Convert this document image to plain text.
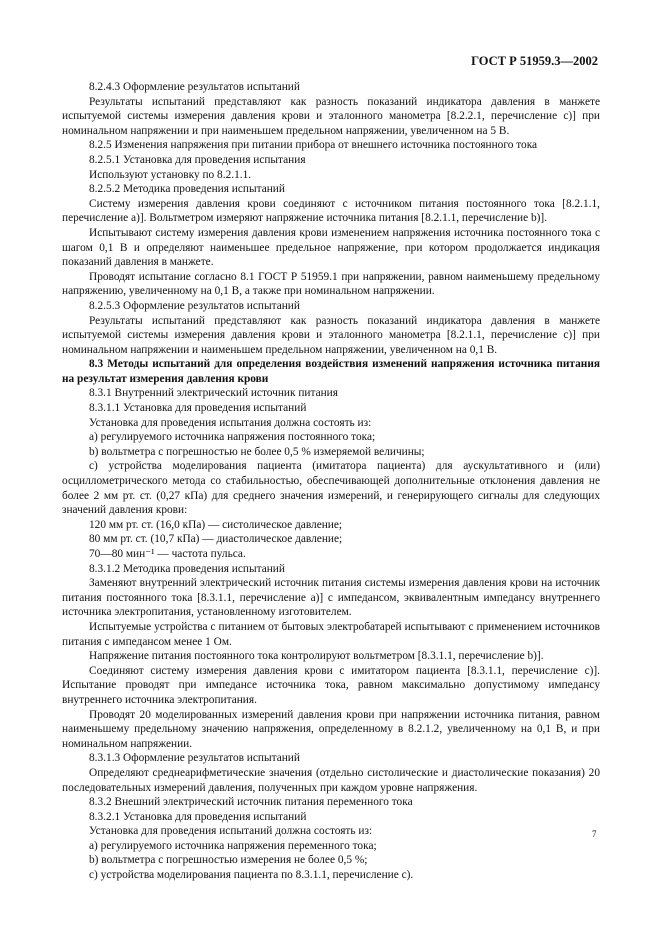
ГОСТ Р 51959.3—2002

8.2.4.3 Оформление результатов испытаний

Результаты испытаний представляют как разность показаний индикатора давления в манжете испытуемой системы измерения давления крови и эталонного манометра [8.2.2.1, перечисление с)] при номинальном напряжении и при наименьшем предельном напряжении, увеличенном на 5 В.

8.2.5 Изменения напряжения при питании прибора от внешнего источника постоянного тока

8.2.5.1 Установка для проведения испытания

Используют установку по 8.2.1.1.

8.2.5.2 Методика проведения испытаний

Систему измерения давления крови соединяют с источником питания постоянного тока [8.2.1.1, перечисление а)]. Вольтметром измеряют напряжение источника питания [8.2.1.1, перечисление b)].

Испытывают систему измерения давления крови изменением напряжения источника постоянного тока с шагом 0,1 В и определяют наименьшее предельное напряжение, при котором продолжается индикация показаний давления в манжете.

Проводят испытание согласно 8.1 ГОСТ Р 51959.1 при напряжении, равном наименьшему предельному напряжению, увеличенному на 0,1 В, а также при номинальном напряжении.

8.2.5.3 Оформление результатов испытаний

Результаты испытаний представляют как разность показаний индикатора давления в манжете испытуемой системы измерения давления крови и эталонного манометра [8.2.1.1, перечисление с)] при номинальном напряжении и наименьшем предельном напряжении, увеличенном на 0,1 В.

8.3 Методы испытаний для определения воздействия изменений напряжения источника питания на результат измерения давления крови

8.3.1 Внутренний электрический источник питания

8.3.1.1 Установка для проведения испытаний

Установка для проведения испытания должна состоять из:

а) регулируемого источника напряжения постоянного тока;

b) вольтметра с погрешностью не более 0,5 % измеряемой величины;

с) устройства моделирования пациента (имитатора пациента) для аускультативного и (или) осциллометрического метода со стабильностью, обеспечивающей дополнительные отклонения давления не более 2 мм рт. ст. (0,27 кПа) для среднего значения измерений, и генерирующего сигналы для следующих значений давления крови:

120 мм рт. ст. (16,0 кПа) — систолическое давление;

80 мм рт. ст. (10,7 кПа) — диастолическое давление;

70—80 мин⁻¹ — частота пульса.

8.3.1.2 Методика проведения испытаний

Заменяют внутренний электрический источник питания системы измерения давления крови на источник питания постоянного тока [8.3.1.1, перечисление а)] с импедансом, эквивалентным импедансу внутреннего источника электропитания, установленному изготовителем.

Испытуемые устройства с питанием от бытовых электробатарей испытывают с применением источников питания с импедансом менее 1 Ом.

Напряжение питания постоянного тока контролируют вольтметром [8.3.1.1, перечисление b)].

Соединяют систему измерения давления крови с имитатором пациента [8.3.1.1, перечисление с)]. Испытание проводят при импедансе источника тока, равном максимально допустимому импедансу внутреннего источника электропитания.

Проводят 20 моделированных измерений давления крови при напряжении источника питания, равном наименьшему предельному значению напряжения, определенному в 8.2.1.2, увеличенному на 0,1 В, и при номинальном напряжении.

8.3.1.3 Оформление результатов испытаний

Определяют среднеарифметические значения (отдельно систолические и диастолические показания) 20 последовательных измерений давления, полученных при каждом уровне напряжения.

8.3.2 Внешний электрический источник питания переменного тока

8.3.2.1 Установка для проведения испытаний

Установка для проведения испытаний должна состоять из:

а) регулируемого источника напряжения переменного тока;

b) вольтметра с погрешностью измерения не более 0,5 %;

с) устройства моделирования пациента по 8.3.1.1, перечисление с).

7
